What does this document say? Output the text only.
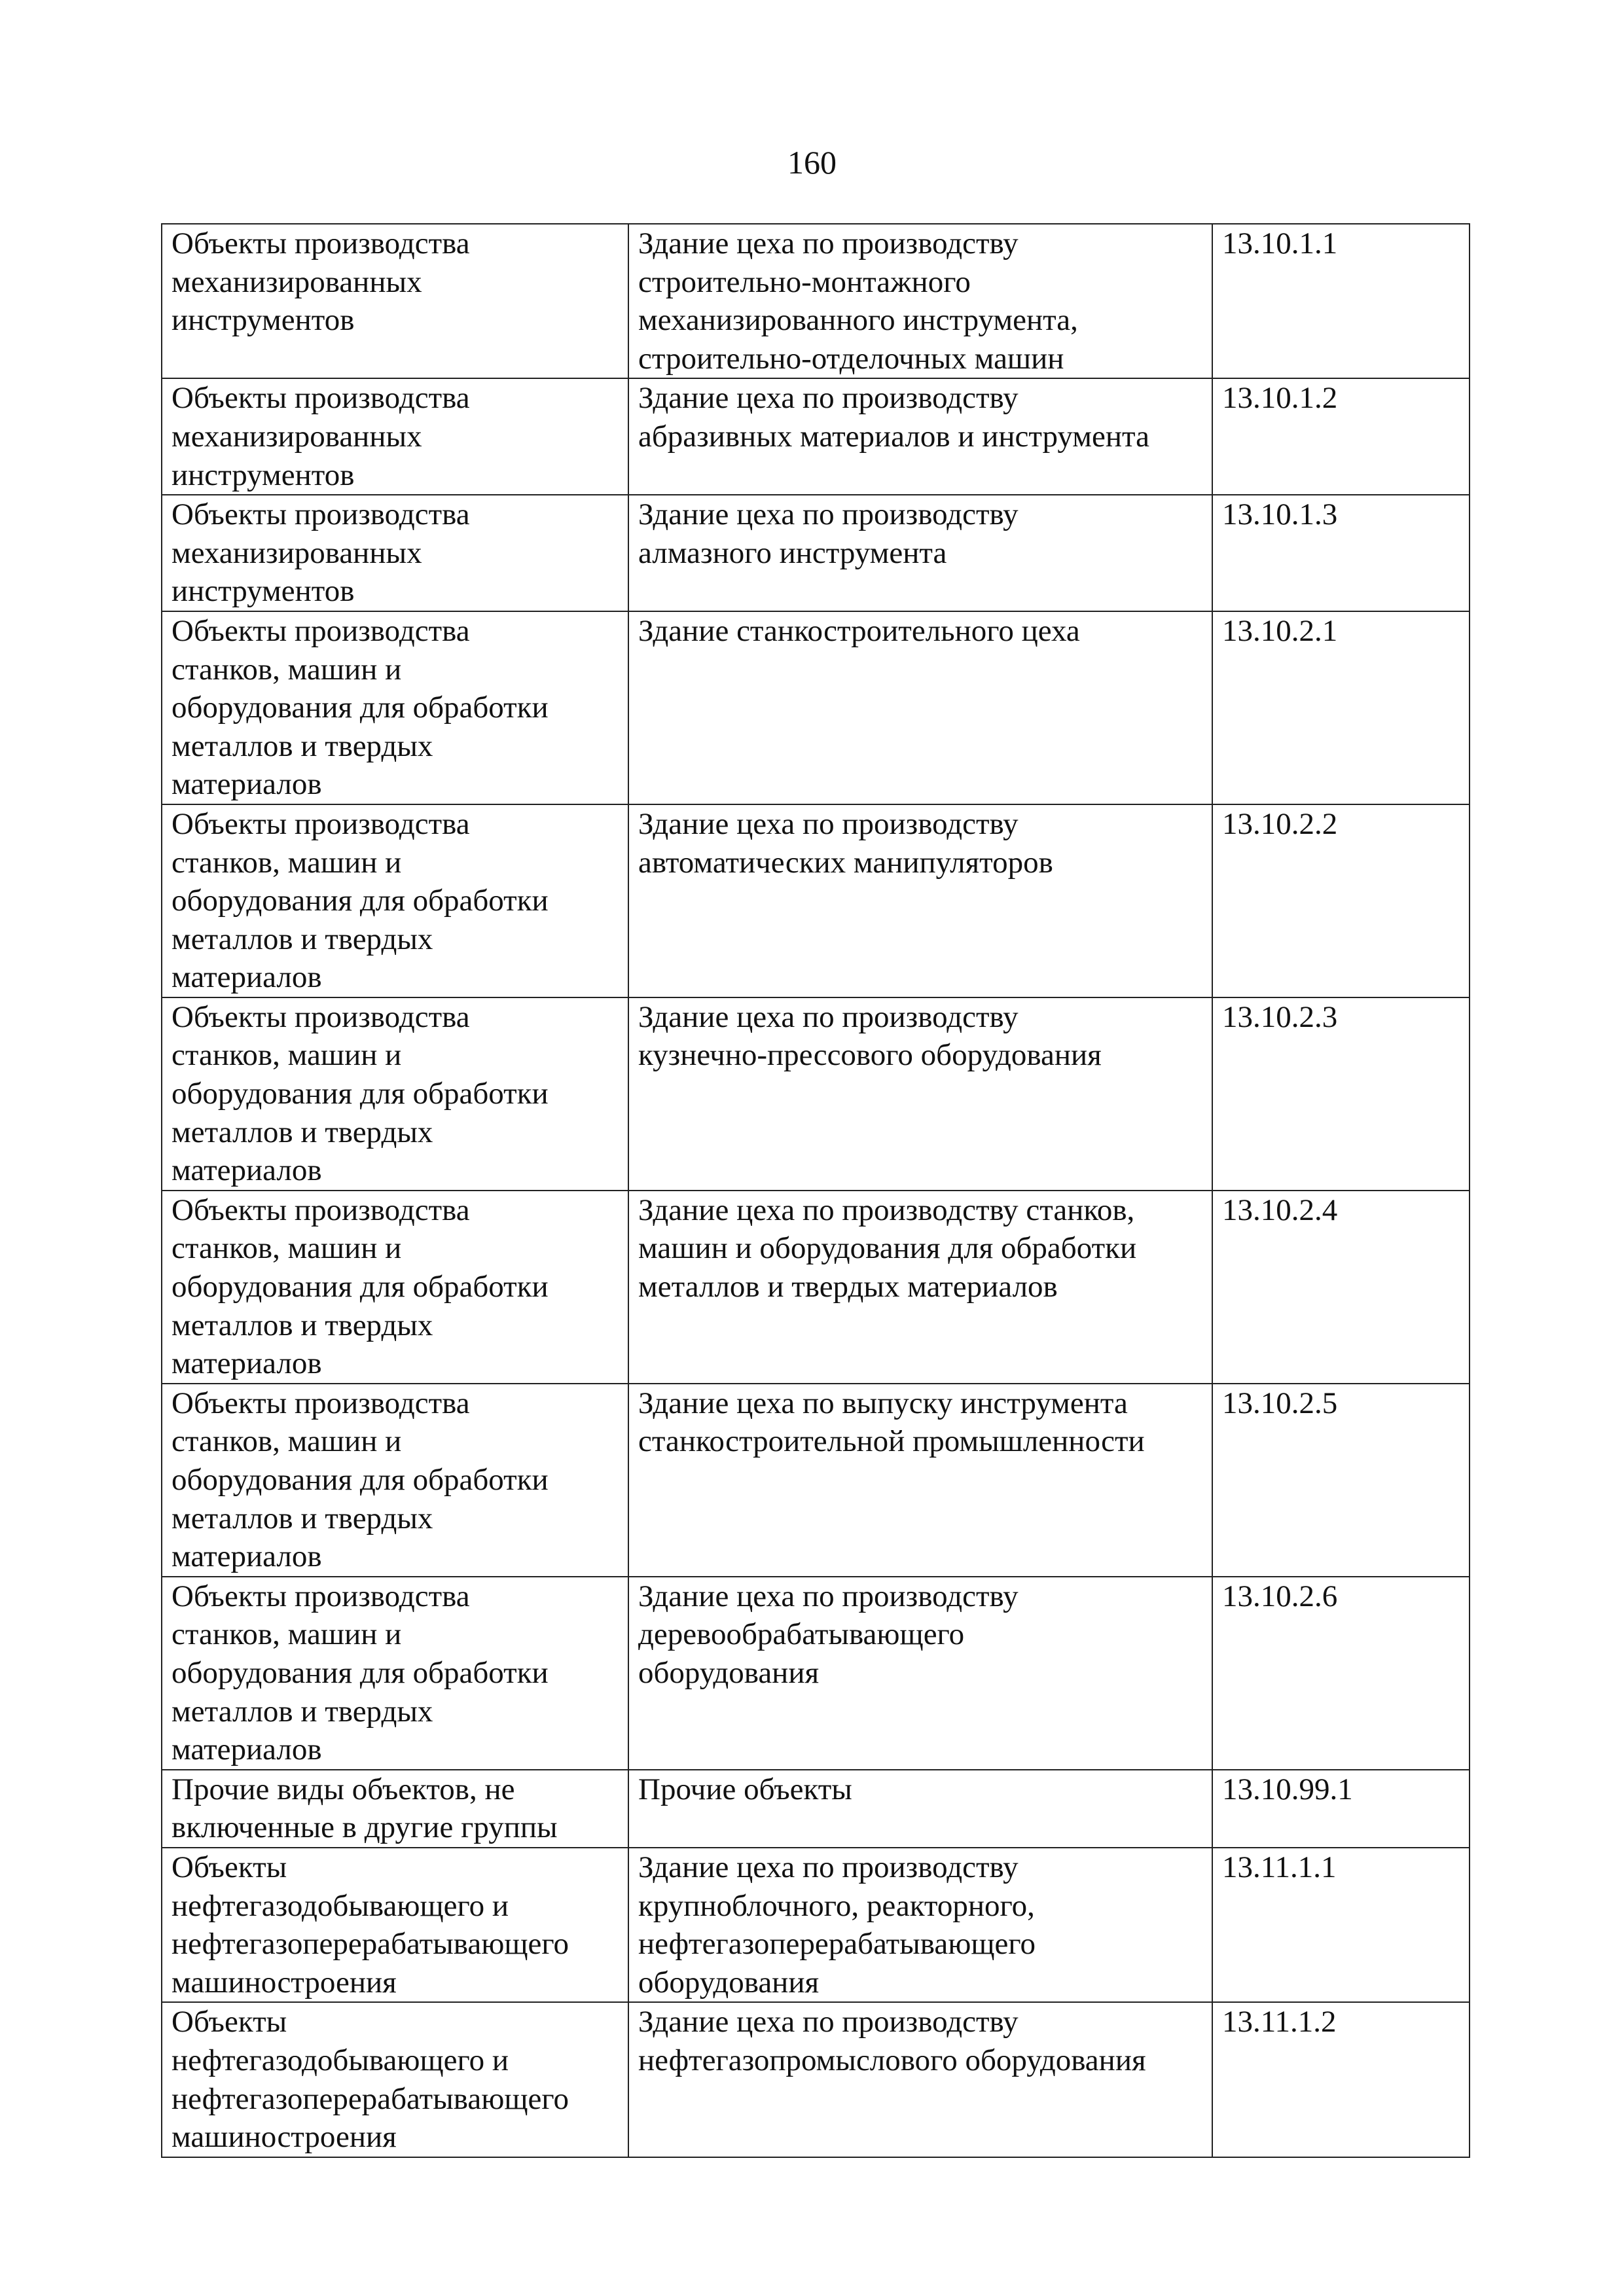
160
Объекты производства
механизированных
инструментов	Здание цеха по производству
строительно-монтажного
механизированного инструмента,
строительно-отделочных машин	13.10.1.1
Объекты производства
механизированных
инструментов	Здание цеха по производству
абразивных материалов и инструмента	13.10.1.2
Объекты производства
механизированных
инструментов	Здание цеха по производству
алмазного инструмента	13.10.1.3
Объекты производства
станков, машин и
оборудования для обработки
металлов и твердых
материалов	Здание станкостроительного цеха	13.10.2.1
Объекты производства
станков, машин и
оборудования для обработки
металлов и твердых
материалов	Здание цеха по производству
автоматических манипуляторов	13.10.2.2
Объекты производства
станков, машин и
оборудования для обработки
металлов и твердых
материалов	Здание цеха по производству
кузнечно-прессового оборудования	13.10.2.3
Объекты производства
станков, машин и
оборудования для обработки
металлов и твердых
материалов	Здание цеха по производству станков,
машин и оборудования для обработки
металлов и твердых материалов	13.10.2.4
Объекты производства
станков, машин и
оборудования для обработки
металлов и твердых
материалов	Здание цеха по выпуску инструмента
станкостроительной промышленности	13.10.2.5
Объекты производства
станков, машин и
оборудования для обработки
металлов и твердых
материалов	Здание цеха по производству
деревообрабатывающего
оборудования	13.10.2.6
Прочие виды объектов, не
включенные в другие группы	Прочие объекты	13.10.99.1
Объекты
нефтегазодобывающего и
нефтегазоперерабатывающего
машиностроения	Здание цеха по производству
крупноблочного, реакторного,
нефтегазоперерабатывающего
оборудования	13.11.1.1
Объекты
нефтегазодобывающего и
нефтегазоперерабатывающего
машиностроения	Здание цеха по производству
нефтегазопромыслового оборудования	13.11.1.2
